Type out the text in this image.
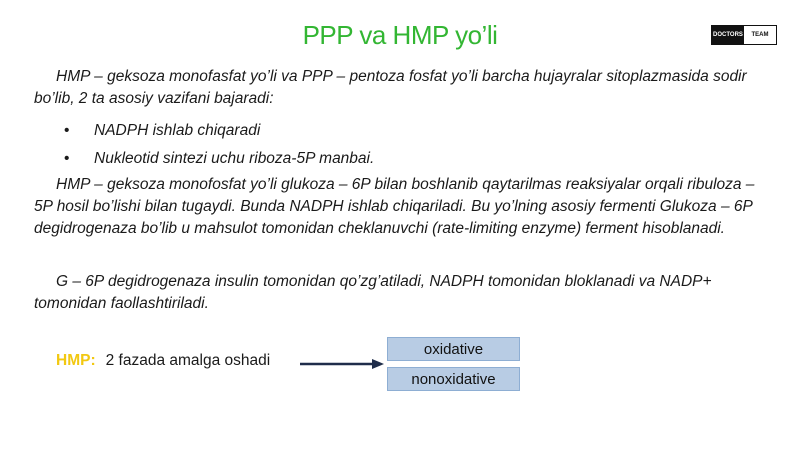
PPP va HMP yo’li	DOCTORS	TEAM
HMP – geksoza monofasfat yo’li va PPP – pentoza fosfat yo’li barcha hujayralar sitoplazmasida sodir bo’lib, 2 ta asosiy vazifani bajaradi:
•	NADPH ishlab chiqaradi
•	Nukleotid sintezi uchu riboza-5P manbai.
HMP – geksoza monofosfat yo’li glukoza – 6P bilan boshlanib qaytarilmas reaksiyalar orqali ribuloza – 5P hosil bo’lishi bilan tugaydi. Bunda NADPH ishlab chiqariladi. Bu yo’lning asosiy fermenti Glukoza – 6P degidrogenaza bo’lib u mahsulot tomonidan cheklanuvchi (rate-limiting enzyme) ferment hisoblanadi.
G – 6P degidrogenaza insulin tomonidan qo’zg’atiladi, NADPH tomonidan bloklanadi va NADP+ tomonidan faollashtiriladi.
HMP: 2 fazada amalga oshadi
oxidative
nonoxidative
